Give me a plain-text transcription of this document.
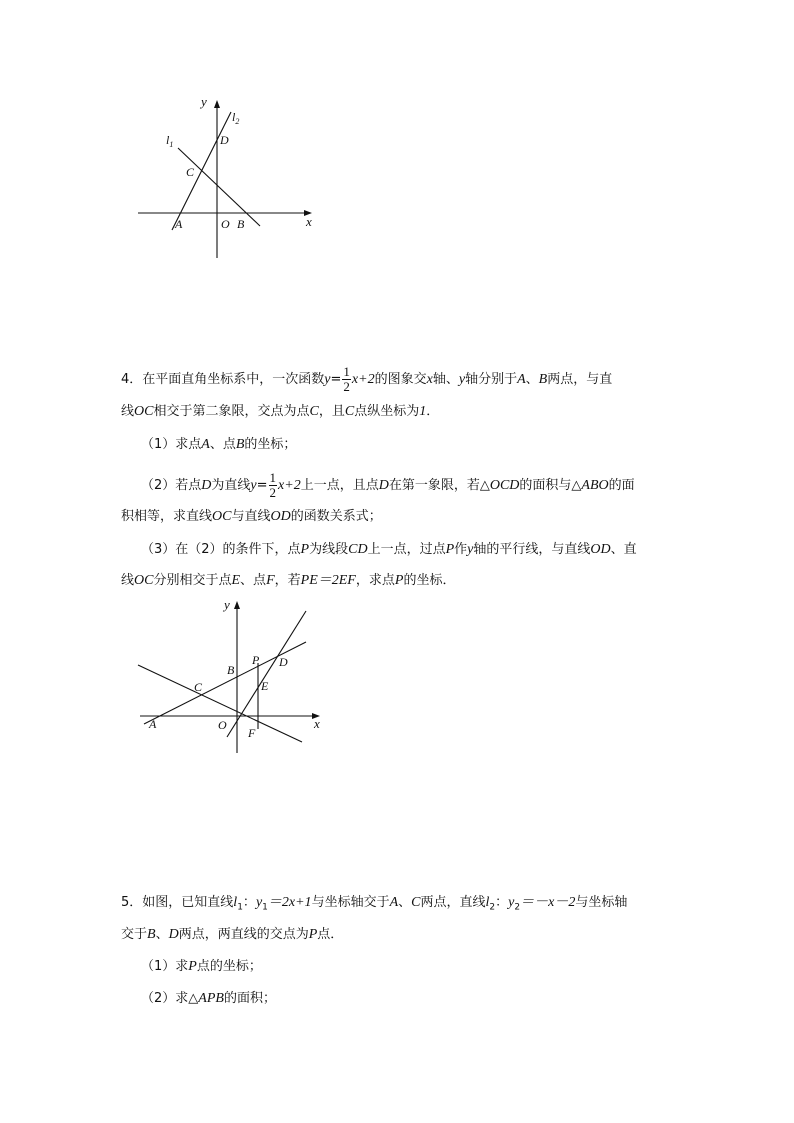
y
$l_2$
$l_1$	D
C
A	O B	x
4．在平面直角坐标系中，一次函数$y= \frac{1}{2} x+2$的图象交x轴、y轴分别于A、B两点，与直
线OC相交于第二象限，交点为点C，且C点纵坐标为1．
（1）求点A、点B的坐标；
（2）若点D为直线$y= \frac{1}{2} x+2$上一点，且点D在第一象限，若△OCD的面积与△ABO的面
积相等，求直线OC与直线OD的函数关系式；
（3）在（2）的条件下，点P为线段CD上一点，过点P作y轴的平行线，与直线OD、直
线OC分别相交于点E、点F，若PE＝2EF，求点P的坐标．
y
B
P D
C	E
A	O
F
x
5．如图，已知直线$l_1$：$y_1=2x+1$与坐标轴交于A、C两点，直线$l_2$：$y_2=-x-2$与坐标轴
交于B、D两点，两直线的交点为P点．
（1）求P点的坐标；
（2）求△APB的面积；
